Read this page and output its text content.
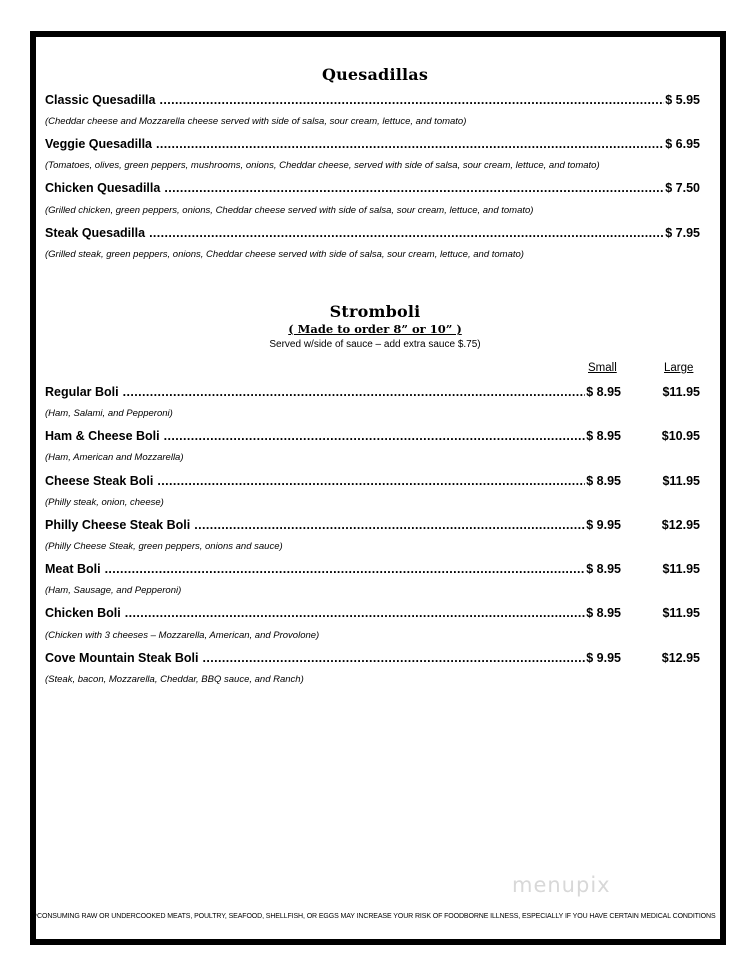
Quesadillas
Classic Quesadilla .....	$ 5.95
(Cheddar cheese and Mozzarella cheese served with side of salsa, sour cream, lettuce, and tomato)
Veggie Quesadilla .....	$ 6.95
(Tomatoes, olives, green peppers, mushrooms, onions, Cheddar cheese, served with side of salsa, sour cream, lettuce, and tomato)
Chicken Quesadilla .....	$ 7.50
(Grilled chicken, green peppers, onions, Cheddar cheese served with side of salsa, sour cream, lettuce, and tomato)
Steak Quesadilla .....	$ 7.95
(Grilled steak, green peppers, onions, Cheddar cheese served with side of salsa, sour cream, lettuce, and tomato)
Stromboli
( Made to order 8” or 10” )
Served w/side of sauce – add extra sauce $.75)
Small	Large
Regular Boli .....	$ 8.95	$11.95
(Ham, Salami, and Pepperoni)
Ham & Cheese Boli .....	$ 8.95	$10.95
(Ham, American and Mozzarella)
Cheese Steak Boli .....	$ 8.95	$11.95
(Philly steak, onion, cheese)
Philly Cheese Steak Boli .....	$ 9.95	$12.95
(Philly Cheese Steak, green peppers, onions and sauce)
Meat Boli .....	$ 8.95	$11.95
(Ham, Sausage, and Pepperoni)
Chicken Boli .....	$ 8.95	$11.95
(Chicken with 3 cheeses – Mozzarella, American, and Provolone)
Cove Mountain Steak Boli .....	$ 9.95	$12.95
(Steak, bacon, Mozzarella, Cheddar, BBQ sauce, and Ranch)
menupix
*CONSUMING RAW OR UNDERCOOKED MEATS, POULTRY, SEAFOOD, SHELLFISH, OR EGGS MAY INCREASE YOUR RISK OF FOODBORNE ILLNESS, ESPECIALLY IF YOU HAVE CERTAIN MEDICAL CONDITIONS
